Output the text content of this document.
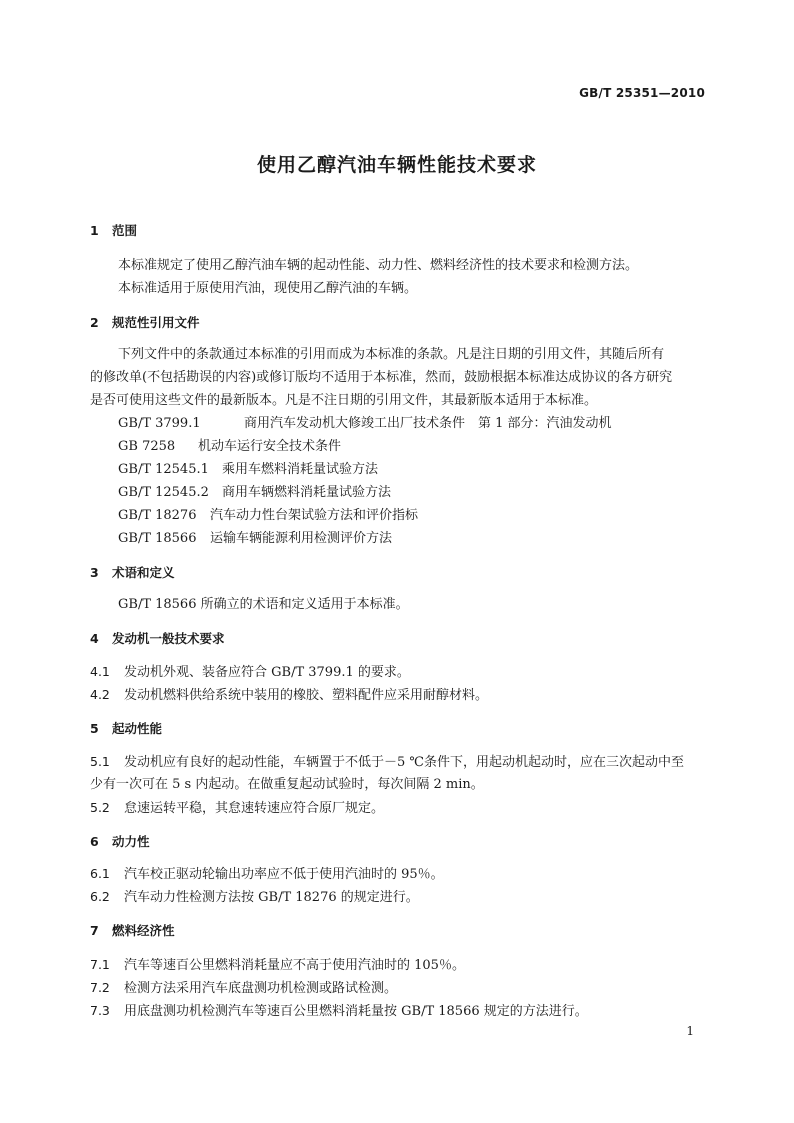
GB/T 25351—2010
使用乙醇汽油车辆性能技术要求
1 范围
本标准规定了使用乙醇汽油车辆的起动性能、动力性、燃料经济性的技术要求和检测方法。
本标准适用于原使用汽油，现使用乙醇汽油的车辆。
2 规范性引用文件
下列文件中的条款通过本标准的引用而成为本标准的条款。凡是注日期的引用文件，其随后所有
的修改单(不包括勘误的内容)或修订版均不适用于本标准，然而，鼓励根据本标准达成协议的各方研究
是否可使用这些文件的最新版本。凡是不注日期的引用文件，其最新版本适用于本标准。
GB/T 3799.1	商用汽车发动机大修竣工出厂技术条件　第 1 部分：汽油发动机
GB 7258 机动车运行安全技术条件
GB/T 12545.1 乘用车燃料消耗量试验方法
GB/T 12545.2 商用车辆燃料消耗量试验方法
GB/T 18276 汽车动力性台架试验方法和评价指标
GB/T 18566 运输车辆能源利用检测评价方法
3 术语和定义
GB/T 18566 所确立的术语和定义适用于本标准。
4 发动机一般技术要求
4.1 发动机外观、装备应符合 GB/T 3799.1 的要求。
4.2 发动机燃料供给系统中装用的橡胶、塑料配件应采用耐醇材料。
5 起动性能
5.1 发动机应有良好的起动性能，车辆置于不低于－5 ℃条件下，用起动机起动时，应在三次起动中至
少有一次可在 5 s 内起动。在做重复起动试验时，每次间隔 2 min。
5.2 怠速运转平稳，其怠速转速应符合原厂规定。
6 动力性
6.1 汽车校正驱动轮输出功率应不低于使用汽油时的 95％。
6.2 汽车动力性检测方法按 GB/T 18276 的规定进行。
7 燃料经济性
7.1 汽车等速百公里燃料消耗量应不高于使用汽油时的 105％。
7.2 检测方法采用汽车底盘测功机检测或路试检测。
7.3 用底盘测功机检测汽车等速百公里燃料消耗量按 GB/T 18566 规定的方法进行。
1
